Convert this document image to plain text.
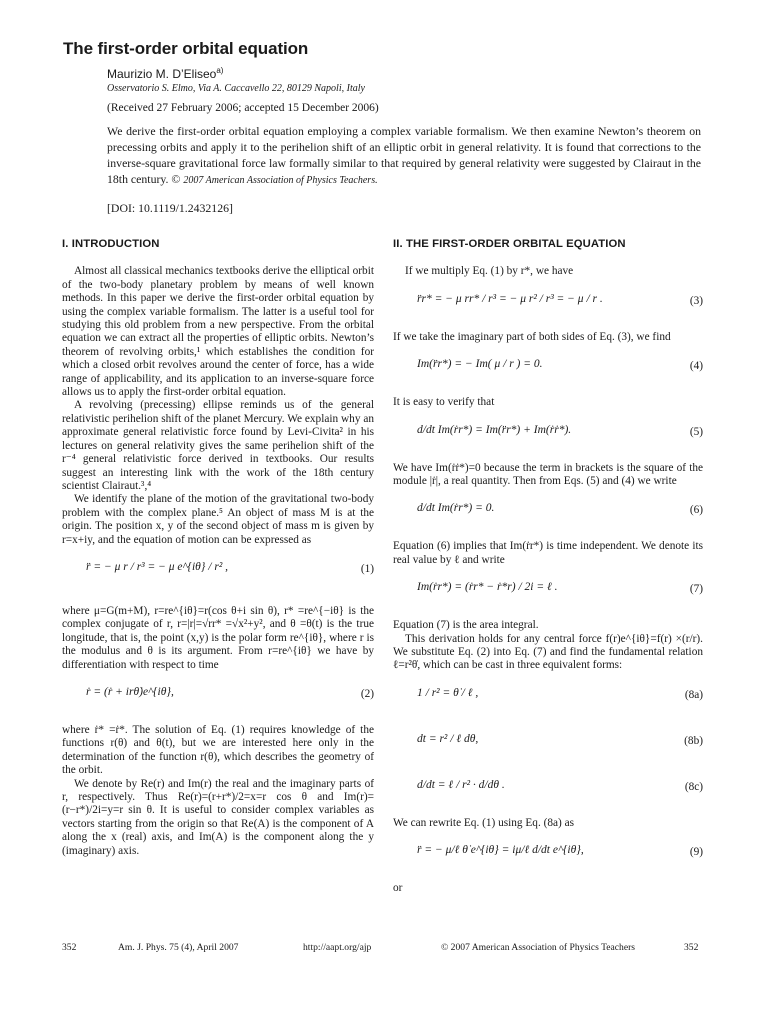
The first-order orbital equation
Maurizio M. D’Eliseo$^{a)}$
Osservatorio S. Elmo, Via A. Caccavello 22, 80129 Napoli, Italy
(Received 27 February 2006; accepted 15 December 2006)
We derive the first-order orbital equation employing a complex variable formalism. We then examine Newton’s theorem on precessing orbits and apply it to the perihelion shift of an elliptic orbit in general relativity. It is found that corrections to the inverse-square gravitational force law formally similar to that required by general relativity were suggested by Clairaut in the 18th century. © 2007 American Association of Physics Teachers.
[DOI: 10.1119/1.2432126]
I. INTRODUCTION
Almost all classical mechanics textbooks derive the elliptical orbit of the two-body planetary problem by means of well known methods. In this paper we derive the first-order orbital equation by using the complex variable formalism. The latter is a useful tool for studying this old problem from a new perspective. From the orbital equation we can extract all the properties of elliptic orbits. Newton’s theorem of revolving orbits,¹ which establishes the condition for which a closed orbit revolves around the center of force, has a wide range of applicability, and its application to an inverse-square force allows us to apply the first-order orbital equation.
A revolving (precessing) ellipse reminds us of the general relativistic perihelion shift of the planet Mercury. We explain why an approximate general relativistic force found by Levi-Civita² in his lectures on general relativity gives the same perihelion shift of the r⁻⁴ general relativistic force derived in textbooks. Our results suggest an interesting link with the work of the 18th century scientist Clairaut.³,⁴
We identify the plane of the motion of the gravitational two-body problem with the complex plane.⁵ An object of mass M is at the origin. The position x, y of the second object of mass m is given by r=x+iy, and the equation of motion can be expressed as
r̈ = − μ r / r³ = − μ e^{iθ} / r² ,	(1)
where μ=G(m+M), r=re^{iθ}=r(cos θ+i sin θ), r* =re^{−iθ} is the complex conjugate of r, r=|r|=√rr* =√x²+y², and θ =θ(t) is the true longitude, that is, the point (x,y) is the polar form re^{iθ}, where r is the modulus and θ is its argument. From r=re^{iθ} we have by differentiation with respect to time
ṙ = (ṙ + irθ̇)e^{iθ},	(2)
where ṙ* =ṙ*. The solution of Eq. (1) requires knowledge of the functions r(θ) and θ(t), but we are interested here only in the determination of the function r(θ), which describes the geometry of the orbit.
We denote by Re(r) and Im(r) the real and the imaginary parts of r, respectively. Thus Re(r)=(r+r*)/2=x=r cos θ and Im(r)=(r−r*)/2i=y=r sin θ. It is useful to consider complex variables as vectors starting from the origin so that Re(A) is the component of A along the x (real) axis, and Im(A) is the component along the y (imaginary) axis.
II. THE FIRST-ORDER ORBITAL EQUATION
If we multiply Eq. (1) by r*, we have
r̈r* = − μ rr* / r³ = − μ r² / r³ = − μ / r .	(3)
If we take the imaginary part of both sides of Eq. (3), we find
Im(r̈r*) = − Im( μ / r ) = 0.	(4)
It is easy to verify that
d/dt Im(ṙr*) = Im(r̈r*) + Im(ṙṙ*).	(5)
We have Im(ṙṙ*)=0 because the term in brackets is the square of the module |ṙ|, a real quantity. Then from Eqs. (5) and (4) we write
d/dt Im(ṙr*) = 0.	(6)
Equation (6) implies that Im(ṙr*) is time independent. We denote its real value by ℓ and write
Im(ṙr*) = (ṙr* − ṙ*r) / 2i = ℓ .	(7)
Equation (7) is the area integral.
This derivation holds for any central force f(r)e^{iθ}=f(r) ×(r/r). We substitute Eq. (2) into Eq. (7) and find the fundamental relation ℓ=r²θ̇, which can be cast in three equivalent forms:
1 / r² = θ̇ / ℓ ,	(8a)
dt = r² / ℓ dθ,	(8b)
d/dt = ℓ / r² · d/dθ .	(8c)
We can rewrite Eq. (1) using Eq. (8a) as
r̈ = − μ/ℓ θ̇ e^{iθ} = iμ/ℓ d/dt e^{iθ},	(9)
or
352	Am. J. Phys. 75 (4), April 2007	http://aapt.org/ajp	© 2007 American Association of Physics Teachers	352
